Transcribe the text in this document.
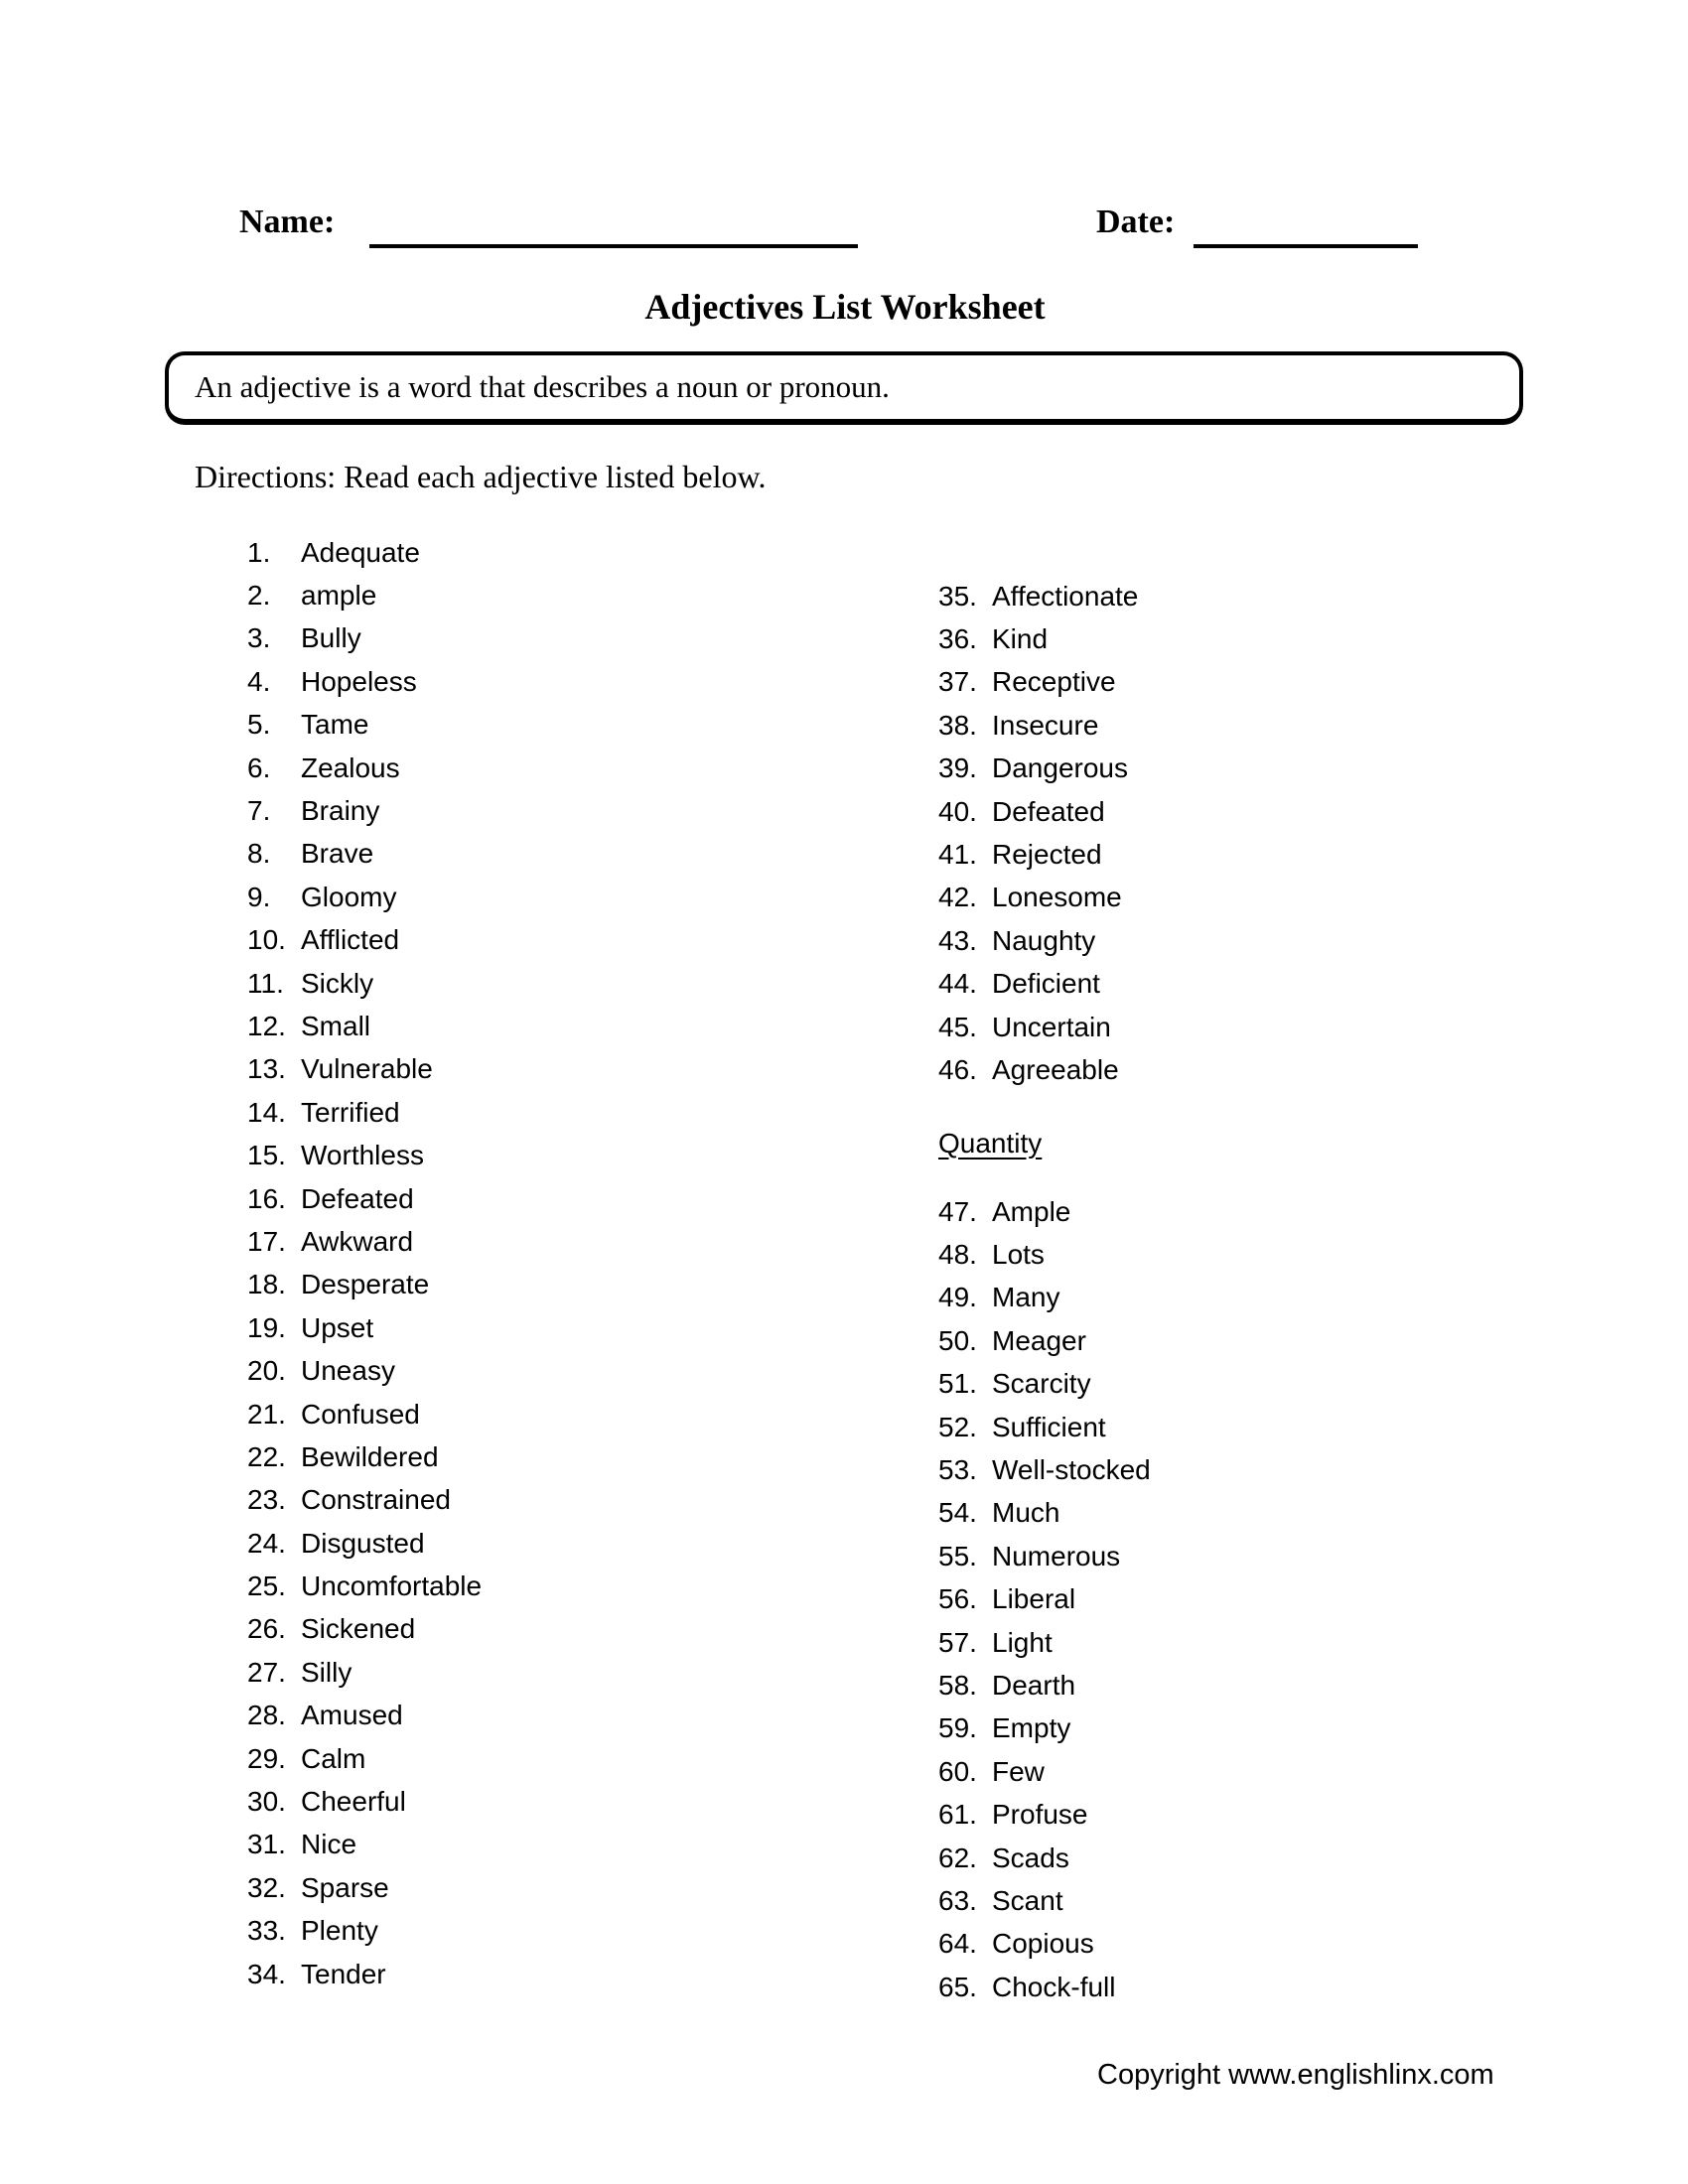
Name:	Date:
Adjectives List Worksheet
An adjective is a word that describes a noun or pronoun.
Directions: Read each adjective listed below.
1.	Adequate
2.	ample
3.	Bully
4.	Hopeless
5.	Tame
6.	Zealous
7.	Brainy
8.	Brave
9.	Gloomy
10. Afflicted
11. Sickly
12. Small
13. Vulnerable
14. Terrified
15. Worthless
16. Defeated
17. Awkward
18. Desperate
19. Upset
20. Uneasy
21. Confused
22. Bewildered
23. Constrained
24. Disgusted
25. Uncomfortable
26. Sickened
27. Silly
28. Amused
29. Calm
30. Cheerful
31. Nice
32. Sparse
33. Plenty
34. Tender
35. Affectionate
36. Kind
37. Receptive
38. Insecure
39. Dangerous
40. Defeated
41. Rejected
42. Lonesome
43. Naughty
44. Deficient
45. Uncertain
46. Agreeable
Quantity
47. Ample
48. Lots
49. Many
50. Meager
51. Scarcity
52. Sufficient
53. Well-stocked
54. Much
55. Numerous
56. Liberal
57. Light
58. Dearth
59. Empty
60. Few
61. Profuse
62. Scads
63. Scant
64. Copious
65. Chock-full
Copyright www.englishlinx.com
